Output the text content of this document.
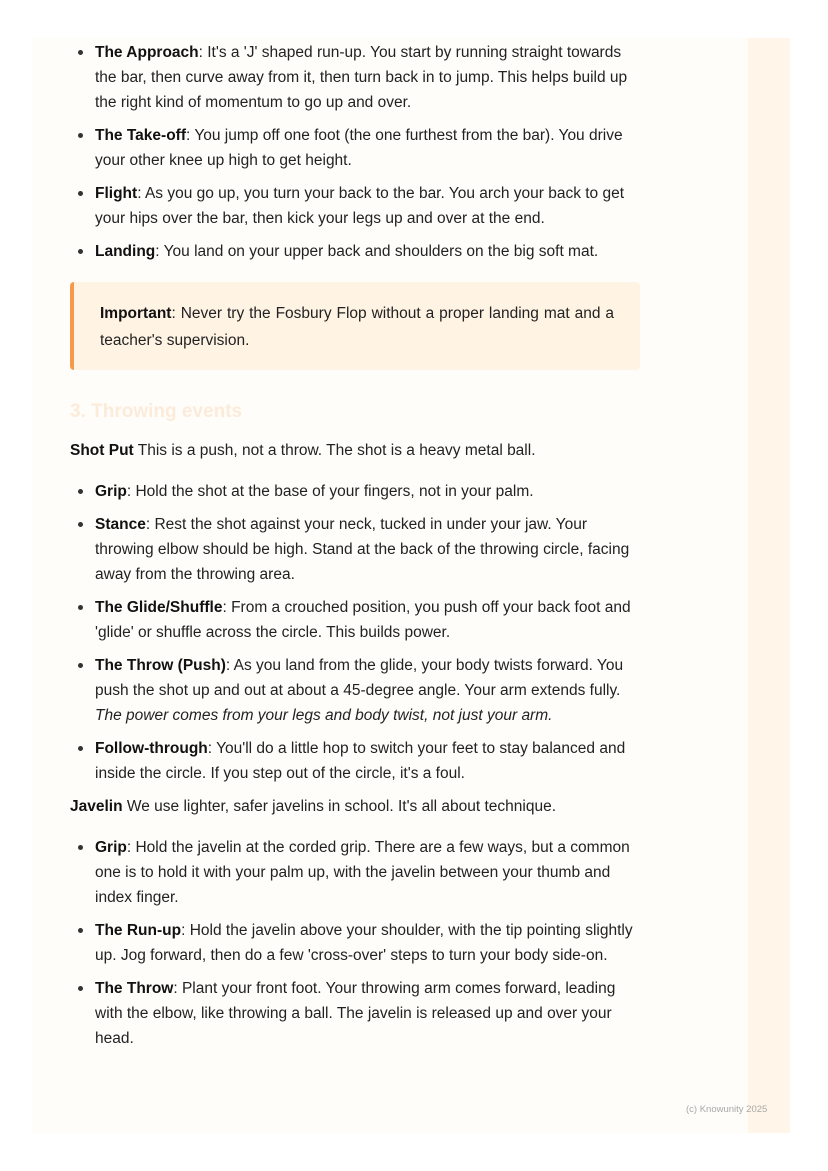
The Approach: It's a 'J' shaped run-up. You start by running straight towards the bar, then curve away from it, then turn back in to jump. This helps build up the right kind of momentum to go up and over.
The Take-off: You jump off one foot (the one furthest from the bar). You drive your other knee up high to get height.
Flight: As you go up, you turn your back to the bar. You arch your back to get your hips over the bar, then kick your legs up and over at the end.
Landing: You land on your upper back and shoulders on the big soft mat.
Important: Never try the Fosbury Flop without a proper landing mat and a teacher's supervision.
3. Throwing events

Shot Put This is a push, not a throw. The shot is a heavy metal ball.

Grip: Hold the shot at the base of your fingers, not in your palm.
Stance: Rest the shot against your neck, tucked in under your jaw. Your throwing elbow should be high. Stand at the back of the throwing circle, facing away from the throwing area.
The Glide/Shuffle: From a crouched position, you push off your back foot and 'glide' or shuffle across the circle. This builds power.
The Throw (Push): As you land from the glide, your body twists forward. You push the shot up and out at about a 45-degree angle. Your arm extends fully. The power comes from your legs and body twist, not just your arm.
Follow-through: You'll do a little hop to switch your feet to stay balanced and inside the circle. If you step out of the circle, it's a foul.

Javelin We use lighter, safer javelins in school. It's all about technique.

Grip: Hold the javelin at the corded grip. There are a few ways, but a common one is to hold it with your palm up, with the javelin between your thumb and index finger.
The Run-up: Hold the javelin above your shoulder, with the tip pointing slightly up. Jog forward, then do a few 'cross-over' steps to turn your body side-on.
The Throw: Plant your front foot. Your throwing arm comes forward, leading with the elbow, like throwing a ball. The javelin is released up and over your head.
(c) Knowunity 2025
